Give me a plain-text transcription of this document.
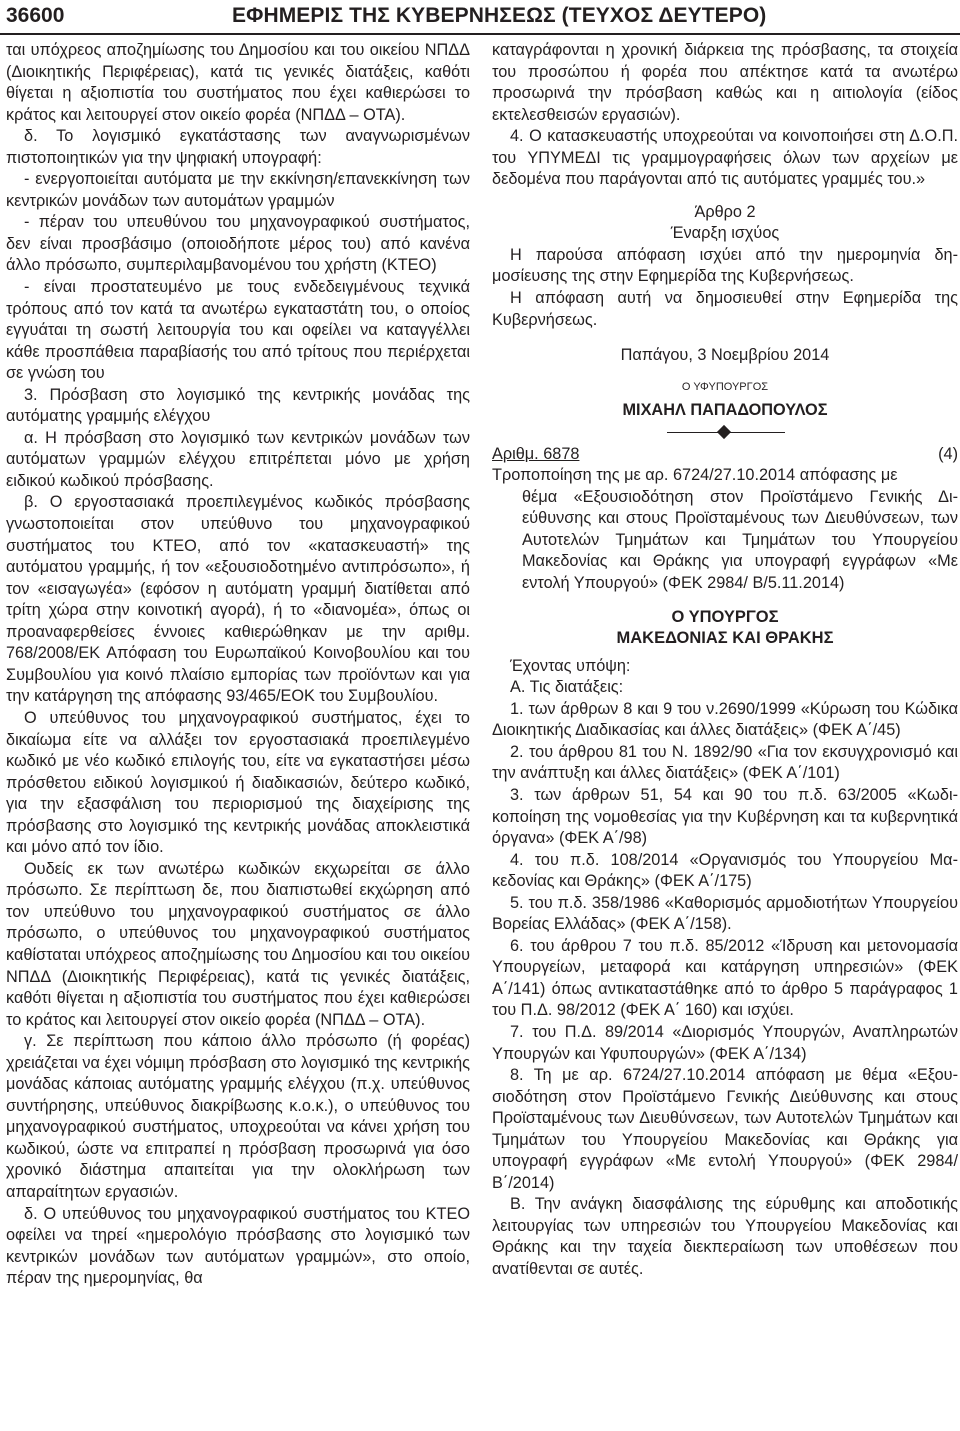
36600	ΕΦΗΜΕΡΙΣ ΤΗΣ ΚΥΒΕΡΝΗΣΕΩΣ (ΤΕΥΧΟΣ ΔΕΥΤΕΡΟ)

ται υπόχρεος αποζημίωσης του Δημοσίου και του οικείου ΝΠΔΔ (Διοικητικής Περιφέρειας), κατά τις γενικές διατάξεις, καθότι θίγεται η αξιοπιστία του συστήματος που έχει καθιερώσει το κράτος και λειτουργεί στον οικείο φορέα (ΝΠΔΔ – ΟΤΑ).

δ. Το λογισμικό εγκατάστασης των αναγνωρισμένων πιστοποιητικών για την ψηφιακή υπογραφή:

- ενεργοποιείται αυτόματα με την εκκίνηση/επανεκκίνηση των κεντρικών μονάδων των αυτομάτων γραμμών

- πέραν του υπευθύνου του μηχανογραφικού συστήματος, δεν είναι προσβάσιμο (οποιοδήποτε μέρος του) από κανένα άλλο πρόσωπο, συμπεριλαμβανομένου του χρήστη (ΚΤΕΟ)

- είναι προστατευμένο με τους ενδεδειγμένους τεχνικά τρόπους από τον κατά τα ανωτέρω εγκαταστάτη του, ο οποίος εγγυάται τη σωστή λειτουργία του και οφείλει να καταγγέλλει κάθε προσπάθεια παραβίασής του από τρίτους που περιέρχεται σε γνώση του

3. Πρόσβαση στο λογισμικό της κεντρικής μονάδας της αυτόματης γραμμής ελέγχου

α. Η πρόσβαση στο λογισμικό των κεντρικών μονάδων των αυτόματων γραμμών ελέγχου επιτρέπεται μόνο με χρήση ειδικού κωδικού πρόσβασης.

β. Ο εργοστασιακά προεπιλεγμένος κωδικός πρόσβασης γνωστοποιείται στον υπεύθυνο του μηχανογραφικού συστήματος του ΚΤΕΟ, από τον «κατασκευαστή» της αυτόματου γραμμής, ή τον «εξουσιοδοτημένο αντιπρόσωπο», ή τον «εισαγωγέα» (εφόσον η αυτόματη γραμμή διατίθεται από τρίτη χώρα στην κοινοτική αγορά), ή το «διανομέα», όπως οι προαναφερθείσες έννοιες καθιερώθηκαν με την αριθμ. 768/2008/ΕΚ Απόφαση του Ευρωπαϊκού Κοινοβουλίου και του Συμβουλίου για κοινό πλαίσιο εμπορίας των προϊόντων και για την κατάργηση της απόφασης 93/465/ΕΟΚ του Συμβουλίου.

Ο υπεύθυνος του μηχανογραφικού συστήματος, έχει το δικαίωμα είτε να αλλάξει τον εργοστασιακά προεπιλεγμένο κωδικό με νέο κωδικό επιλογής του, είτε να εγκαταστήσει μέσω πρόσθετου ειδικού λογισμικού ή διαδικασιών, δεύτερο κωδικό, για την εξασφάλιση του περιορισμού της διαχείρισης της πρόσβασης στο λογισμικό της κεντρικής μονάδας αποκλειστικά και μόνο από τον ίδιο.

Ουδείς εκ των ανωτέρω κωδικών εκχωρείται σε άλλο πρόσωπο. Σε περίπτωση δε, που διαπιστωθεί εκχώρηση από τον υπεύθυνο του μηχανογραφικού συστήματος σε άλλο πρόσωπο, ο υπεύθυνος του μηχανογραφικού συστήματος καθίσταται υπόχρεος αποζημίωσης του Δημοσίου και του οικείου ΝΠΔΔ (Διοικητικής Περιφέρειας), κατά τις γενικές διατάξεις, καθότι θίγεται η αξιοπιστία του συστήματος που έχει καθιερώσει το κράτος και λειτουργεί στον οικείο φορέα (ΝΠΔΔ – ΟΤΑ).

γ. Σε περίπτωση που κάποιο άλλο πρόσωπο (ή φορέας) χρειάζεται να έχει νόμιμη πρόσβαση στο λογισμικό της κεντρικής μονάδας κάποιας αυτόματης γραμμής ελέγχου (π.χ. υπεύθυνος συντήρησης, υπεύθυνος διακρίβωσης κ.ο.κ.), ο υπεύθυνος του μηχανογραφικού συστήματος, υποχρεούται να κάνει χρήση του κωδικού, ώστε να επιτραπεί η πρόσβαση προσωρινά για όσο χρονικό διάστημα απαιτείται για την ολοκλήρωση των απαραίτητων εργασιών.

δ. Ο υπεύθυνος του μηχανογραφικού συστήματος του ΚΤΕΟ οφείλει να τηρεί «ημερολόγιο πρόσβασης στο λογισμικό των κεντρικών μονάδων των αυτόματων γραμμών», στο οποίο, πέραν της ημερομηνίας, θα

καταγράφονται η χρονική διάρκεια της πρόσβασης, τα στοιχεία του προσώπου ή φορέα που απέκτησε κατά τα ανωτέρω προσωρινά την πρόσβαση καθώς και η αιτιολογία (είδος εκτελεσθεισών εργασιών).

4. Ο κατασκευαστής υποχρεούται να κοινοποιήσει στη Δ.Ο.Π. του ΥΠΥΜΕΔΙ τις γραμμογραφήσεις όλων των αρχείων με δεδομένα που παράγονται από τις αυτόματες γραμμές του.»

Άρθρο 2

Έναρξη ισχύος

Η παρούσα απόφαση ισχύει από την ημερομηνία δημοσίευσης της στην Εφημερίδα της Κυβερνήσεως.

Η απόφαση αυτή να δημοσιευθεί στην Εφημερίδα της Κυβερνήσεως.

Παπάγου, 3 Νοεμβρίου 2014

Ο ΥΦΥΠΟΥΡΓΟΣ

ΜΙΧΑΗΛ ΠΑΠΑΔΟΠΟΥΛΟΣ

Αριθμ. 6878	(4)

Τροποποίηση της με αρ. 6724/27.10.2014 απόφασης με

θέμα «Εξουσιοδότηση στον Προϊστάμενο Γενικής Διεύθυνσης και στους Προϊσταμένους των Διευθύνσεων, των Αυτοτελών Τμημάτων και Τμημάτων του Υπουργείου Μακεδονίας και Θράκης για υπογραφή εγγράφων «Με εντολή Υπουργού» (ΦΕΚ 2984/ Β/5.11.2014)

Ο ΥΠΟΥΡΓΟΣ

ΜΑΚΕΔΟΝΙΑΣ ΚΑΙ ΘΡΑΚΗΣ

Έχοντας υπόψη:

Α. Τις διατάξεις:

1. των άρθρων 8 και 9 του ν.2690/1999 «Κύρωση του Κώδικα Διοικητικής Διαδικασίας και άλλες διατάξεις» (ΦΕΚ Α΄/45)

2. του άρθρου 81 του Ν. 1892/90 «Για τον εκσυγχρονισμό και την ανάπτυξη και άλλες διατάξεις» (ΦΕΚ Α΄/101)

3. των άρθρων 51, 54 και 90 του π.δ. 63/2005 «Κωδικοποίηση της νομοθεσίας για την Κυβέρνηση και τα κυβερνητικά όργανα» (ΦΕΚ Α΄/98)

4. του π.δ. 108/2014 «Οργανισμός του Υπουργείου Μακεδονίας και Θράκης» (ΦΕΚ Α΄/175)

5. του π.δ. 358/1986 «Καθορισμός αρμοδιοτήτων Υπουργείου Βορείας Ελλάδας» (ΦΕΚ Α΄/158).

6. του άρθρου 7 του π.δ. 85/2012 «Ίδρυση και μετονομασία Υπουργείων, μεταφορά και κατάργηση υπηρεσιών» (ΦΕΚ Α΄/141) όπως αντικαταστάθηκε από το άρθρο 5 παράγραφος 1 του Π.Δ. 98/2012 (ΦΕΚ Α΄ 160) και ισχύει.

7. του Π.Δ. 89/2014 «Διορισμός Υπουργών, Αναπληρωτών Υπουργών και Υφυπουργών» (ΦΕΚ Α΄/134)

8. Τη με αρ. 6724/27.10.2014 απόφαση με θέμα «Εξουσιοδότηση στον Προϊστάμενο Γενικής Διεύθυνσης και στους Προϊσταμένους των Διευθύνσεων, των Αυτοτελών Τμημάτων και Τμημάτων του Υπουργείου Μακεδονίας και Θράκης για υπογραφή εγγράφων «Με εντολή Υπουργού» (ΦΕΚ 2984/ Β΄/2014)

Β. Την ανάγκη διασφάλισης της εύρυθμης και αποδοτικής λειτουργίας των υπηρεσιών του Υπουργείου Μακεδονίας και Θράκης και την ταχεία διεκπεραίωση των υποθέσεων που ανατίθενται σε αυτές.
